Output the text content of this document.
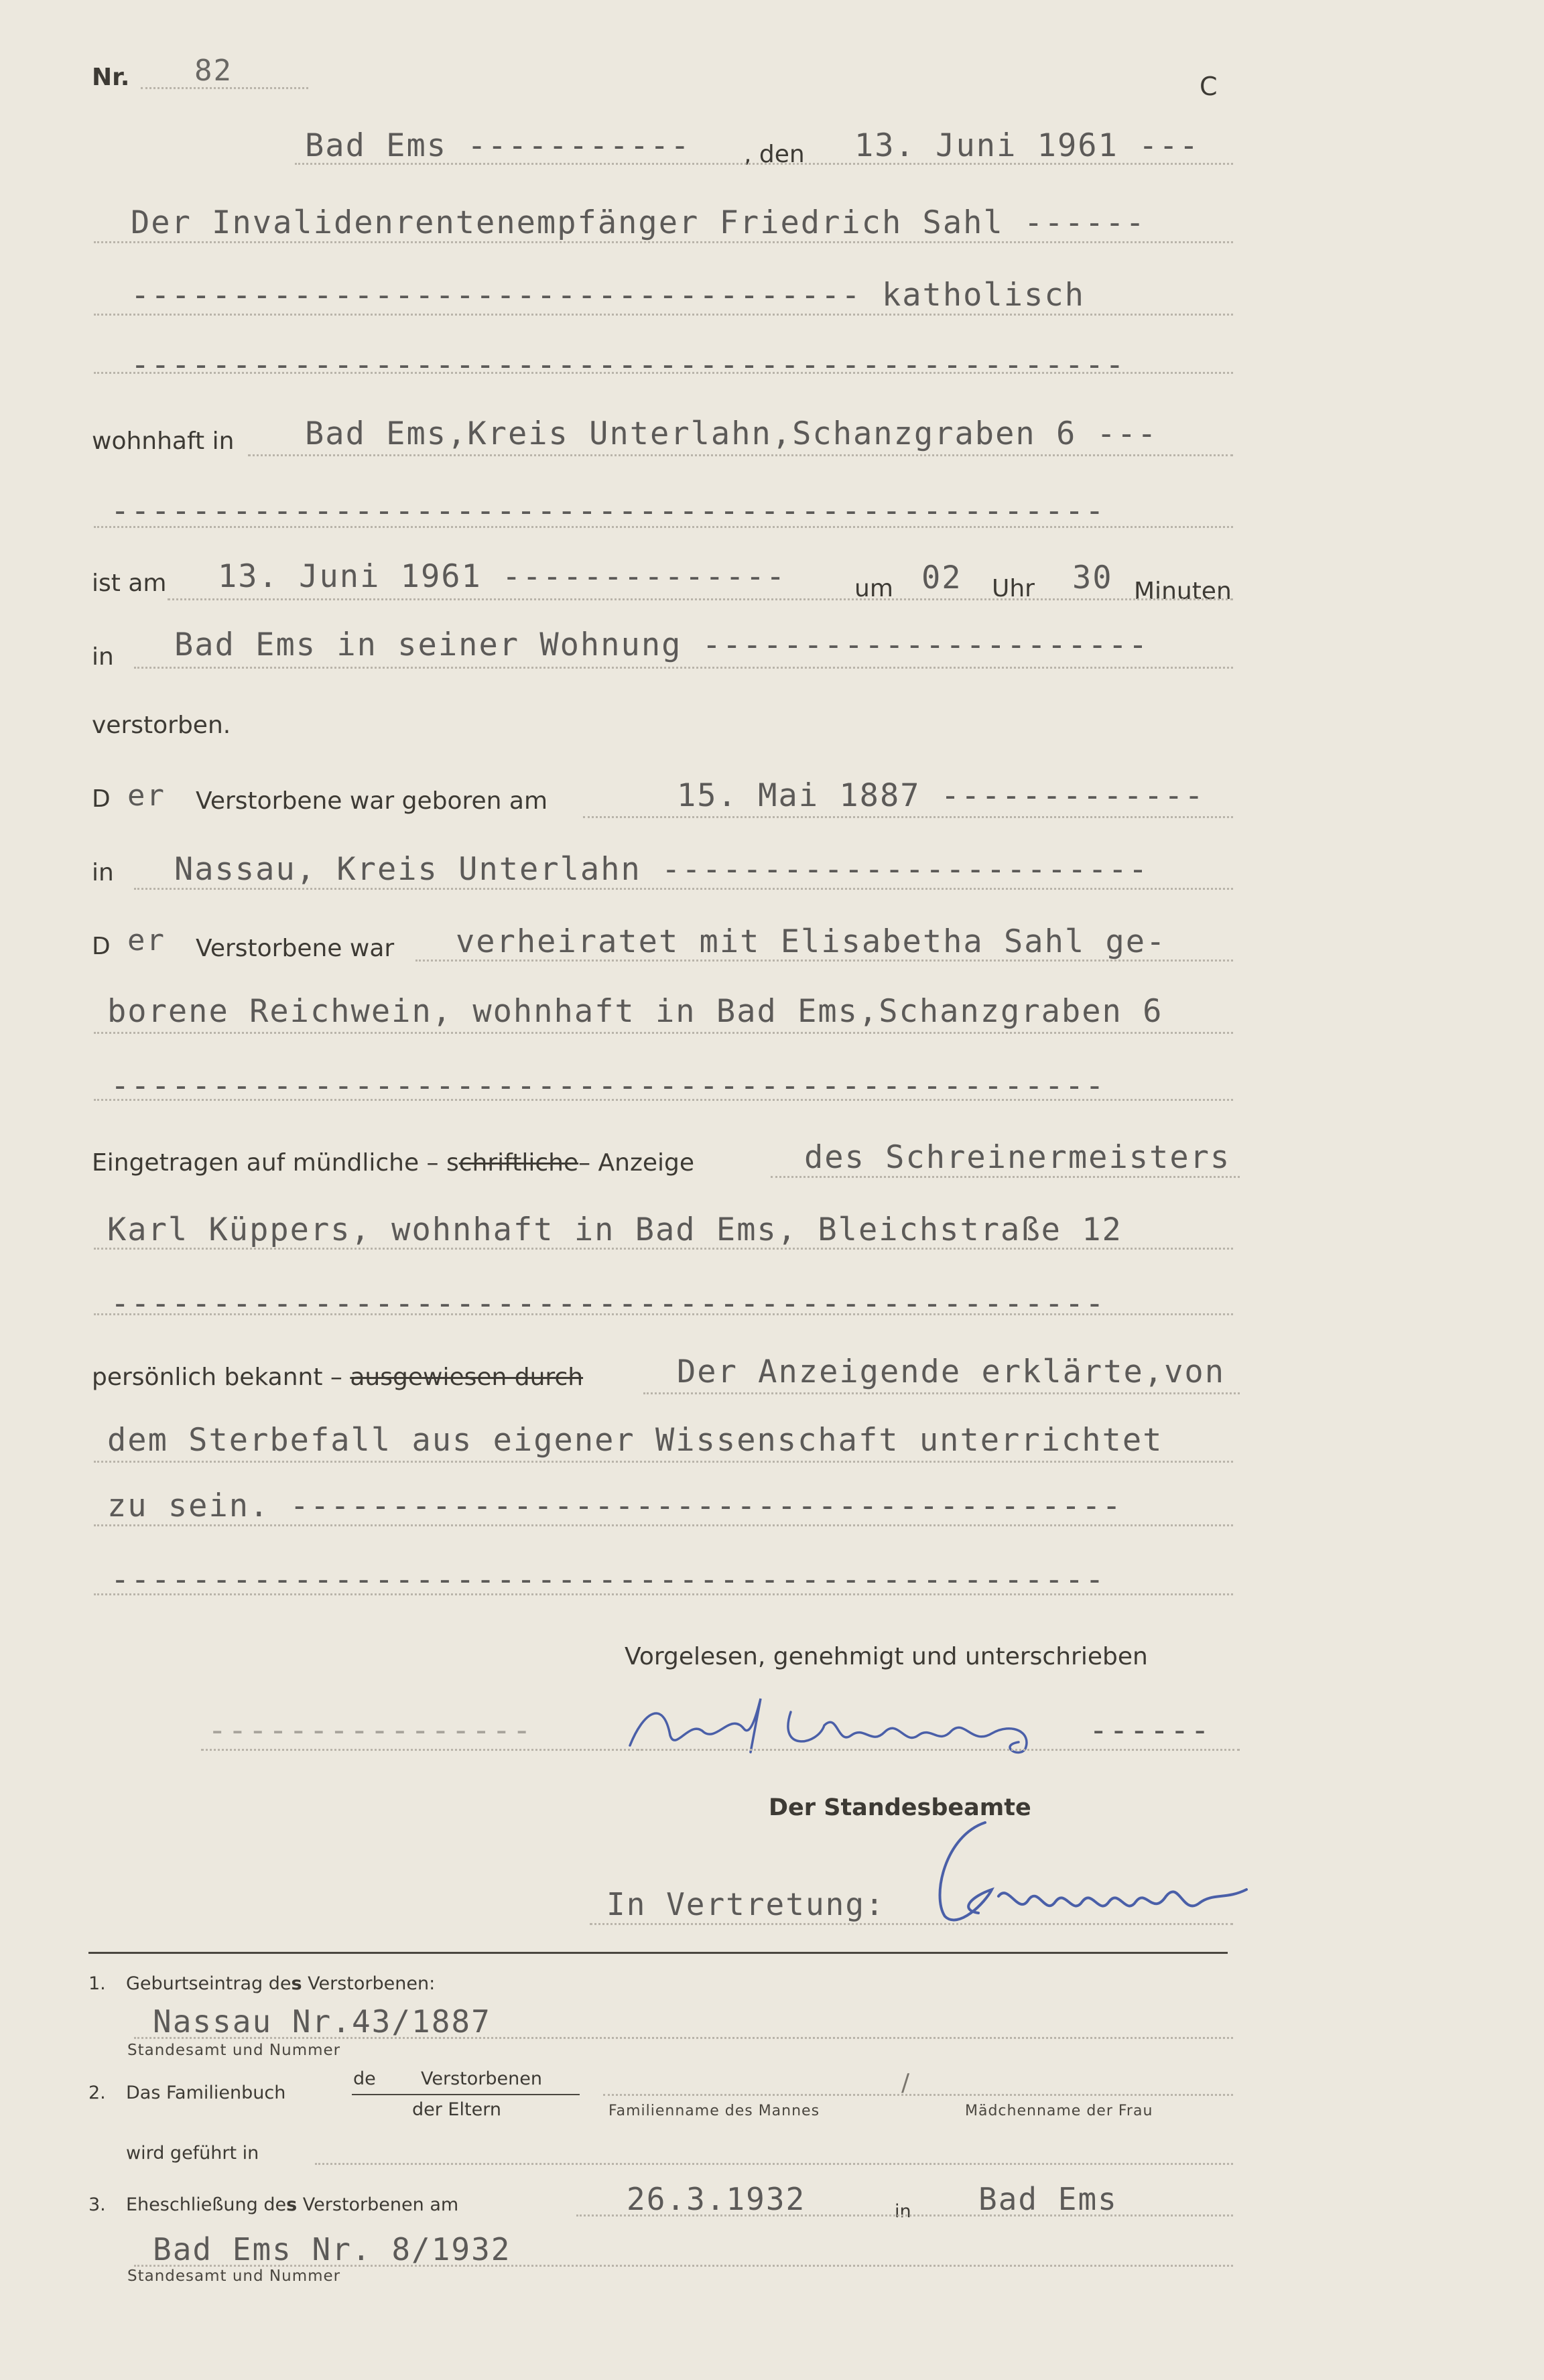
Nr. 82	C
Bad Ems ----------- , den 13. Juni 1961 ---
Der Invalidenrentenempfänger Friedrich Sahl ------
------------------------------------ katholisch
-------------------------------------------------
wohnhaft in Bad Ems,Kreis Unterlahn,Schanzgraben 6 ---
-------------------------------------------------
ist am 13. Juni 1961 --------------	um 02 Uhr 30 Minuten
in Bad Ems in seiner Wohnung ----------------------
verstorben.
D er Verstorbene war geboren am	15. Mai 1887 -------------
in Nassau, Kreis Unterlahn ------------------------
D er Verstorbene war verheiratet mit Elisabetha Sahl ge-
borene Reichwein, wohnhaft in Bad Ems,Schanzgraben 6
-------------------------------------------------
Eingetragen auf mündliche – schriftliche– Anzeige	des Schreinermeisters
Karl Küppers, wohnhaft in Bad Ems, Bleichstraße 12
-------------------------------------------------
persönlich bekannt – ausgewiesen durch	Der Anzeigende erklärte,von
dem Sterbefall aus eigener Wissenschaft unterrichtet
zu sein. -----------------------------------------
-------------------------------------------------
Vorgelesen, genehmigt und unterschrieben
------
----------------
Der Standesbeamte
In Vertretung:
1. Geburtseintrag des Verstorbenen:
Nassau Nr.43/1887
Standesamt und Nummer
2. Das Familienbuch
de Verstorbenen
der Eltern
/
Familienname des Mannes	Mädchenname der Frau
wird geführt in
3. Eheschließung des Verstorbenen am	26.3.1932	in Bad Ems
Bad Ems Nr. 8/1932
Standesamt und Nummer
